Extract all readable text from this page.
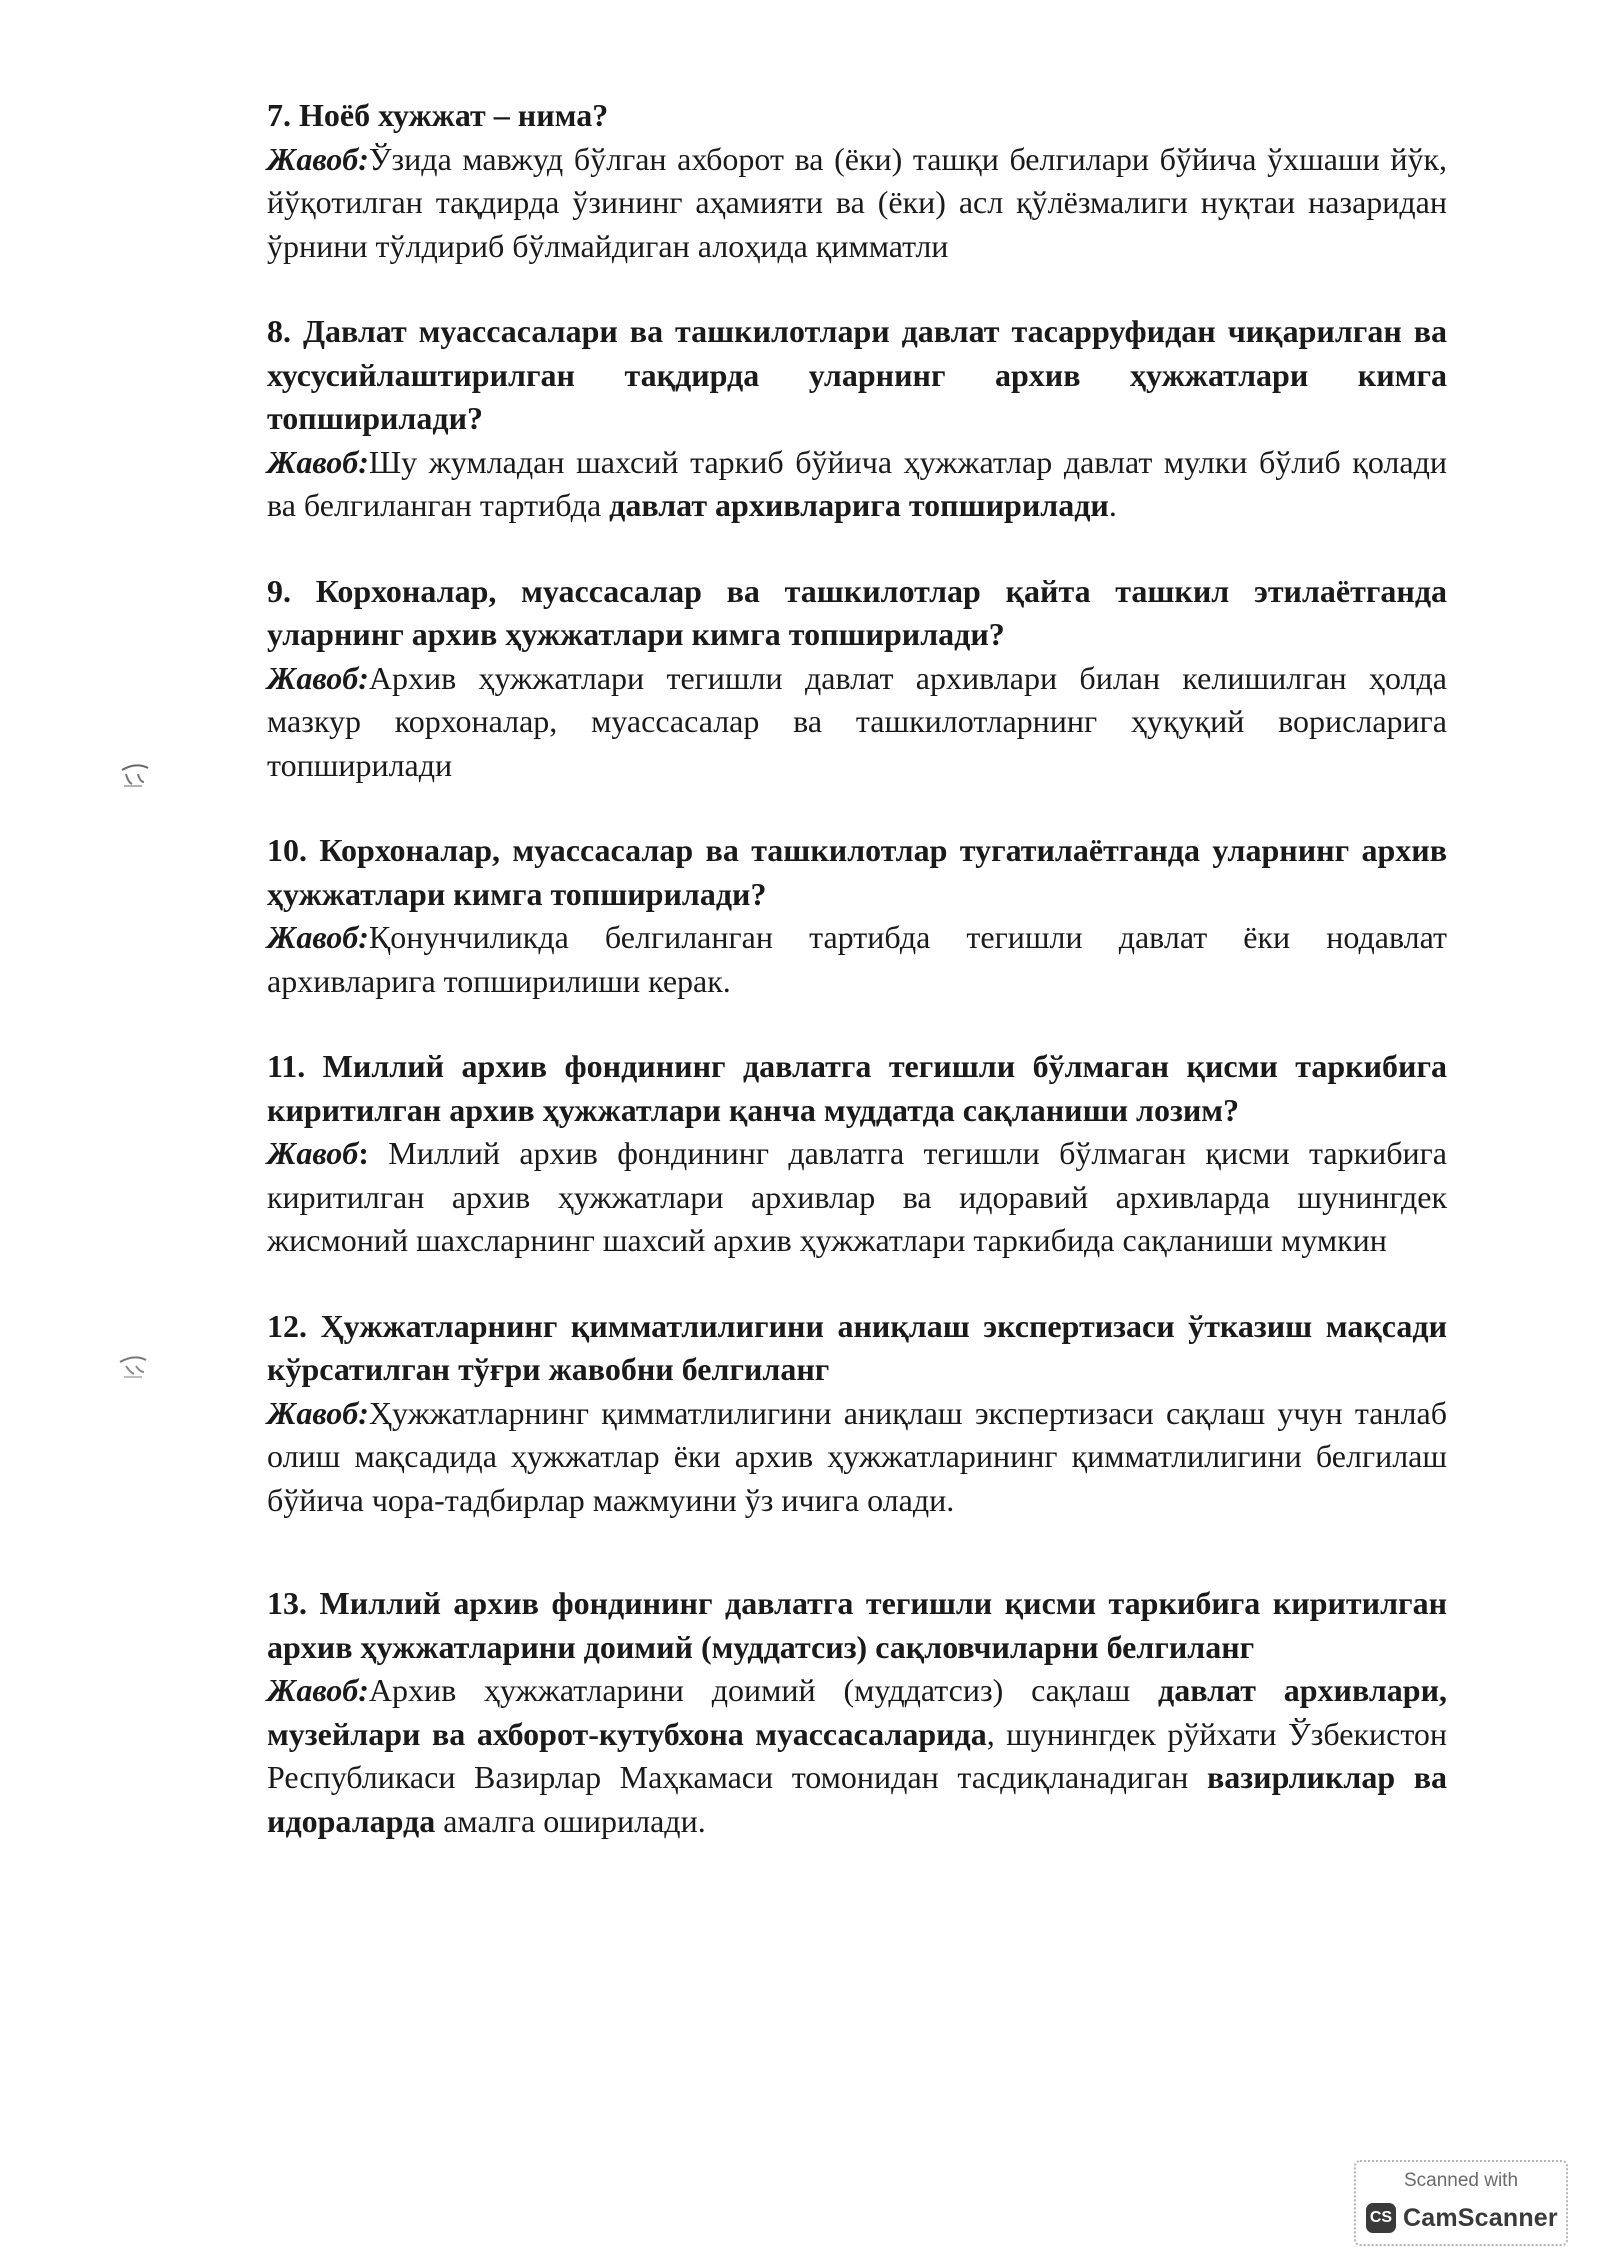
7. Ноёб хужжат – нима?
Жавоб:Ўзида мавжуд бўлган ахборот ва (ёки) ташқи белгилари бўйича ўхшаши йўк, йўқотилган тақдирда ўзининг аҳамияти ва (ёки) асл қўлёзмалиги нуқтаи назаридан ўрнини тўлдириб бўлмайдиган алоҳида қимматли
8. Давлат муассасалари ва ташкилотлари давлат тасарруфидан чиқарилган ва хусусийлаштирилган тақдирда уларнинг архив ҳужжатлари кимга топширилади?
Жавоб:Шу жумладан шахсий таркиб бўйича ҳужжатлар давлат мулки бўлиб қолади ва белгиланган тартибда давлат архивларига топширилади.
9. Корхоналар, муассасалар ва ташкилотлар қайта ташкил этилаётганда уларнинг архив ҳужжатлари кимга топширилади?
Жавоб:Архив ҳужжатлари тегишли давлат архивлари билан келишилган ҳолда мазкур корхоналар, муассасалар ва ташкилотларнинг ҳуқуқий ворисларига топширилади
10. Корхоналар, муассасалар ва ташкилотлар тугатилаётганда уларнинг архив ҳужжатлари кимга топширилади?
Жавоб:Қонунчиликда белгиланган тартибда тегишли давлат ёки нодавлат архивларига топширилиши керак.
11. Миллий архив фондининг давлатга тегишли бўлмаган қисми таркибига киритилган архив ҳужжатлари қанча муддатда сақланиши лозим?
Жавоб: Миллий архив фондининг давлатга тегишли бўлмаган қисми таркибига киритилган архив ҳужжатлари архивлар ва идоравий архивларда шунингдек жисмоний шахсларнинг шахсий архив ҳужжатлари таркибида сақланиши мумкин
12. Ҳужжатларнинг қимматлилигини аниқлаш экспертизаси ўтказиш мақсади кўрсатилган тўғри жавобни белгиланг
Жавоб:Ҳужжатларнинг қимматлилигини аниқлаш экспертизаси сақлаш учун танлаб олиш мақсадида ҳужжатлар ёки архив ҳужжатларининг қимматлилигини белгилаш бўйича чора-тадбирлар мажмуини ўз ичига олади.
13. Миллий архив фондининг давлатга тегишли қисми таркибига киритилган архив ҳужжатларини доимий (муддатсиз) сақловчиларни белгиланг
Жавоб:Архив ҳужжатларини доимий (муддатсиз) сақлаш давлат архивлари, музейлари ва ахборот-кутубхона муассасаларида, шунингдек рўйхати Ўзбекистон Республикаси Вазирлар Маҳкамаси томонидан тасдиқланадиган вазирликлар ва идораларда амалга оширилади.
Scanned with
CS CamScanner
